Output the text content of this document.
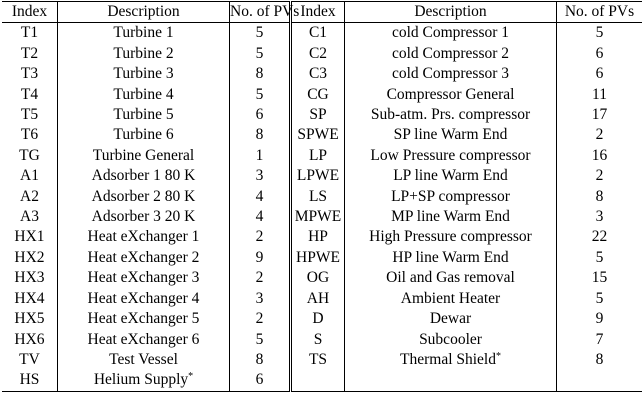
Index	Description	No. of PVs	Index	Description	No. of PVs
T1	Turbine 1	5	C1	cold Compressor 1	5
T2	Turbine 2	5	C2	cold Compressor 2	6
T3	Turbine 3	8	C3	cold Compressor 3	6
T4	Turbine 4	5	CG	Compressor General	11
T5	Turbine 5	6	SP	Sub-atm. Prs. compressor	17
T6	Turbine 6	8	SPWE	SP line Warm End	2
TG	Turbine General	1	LP	Low Pressure compressor	16
A1	Adsorber 1 80 K	3	LPWE	LP line Warm End	2
A2	Adsorber 2 80 K	4	LS	LP+SP compressor	8
A3	Adsorber 3 20 K	4	MPWE	MP line Warm End	3
HX1	Heat eXchanger 1	2	HP	High Pressure compressor	22
HX2	Heat eXchanger 2	9	HPWE	HP line Warm End	5
HX3	Heat eXchanger 3	2	OG	Oil and Gas removal	15
HX4	Heat eXchanger 4	3	AH	Ambient Heater	5
HX5	Heat eXchanger 5	2	D	Dewar	9
HX6	Heat eXchanger 6	5	S	Subcooler	7
TV	Test Vessel	8	TS	Thermal Shield*	8
HS	Helium Supply*	6			
